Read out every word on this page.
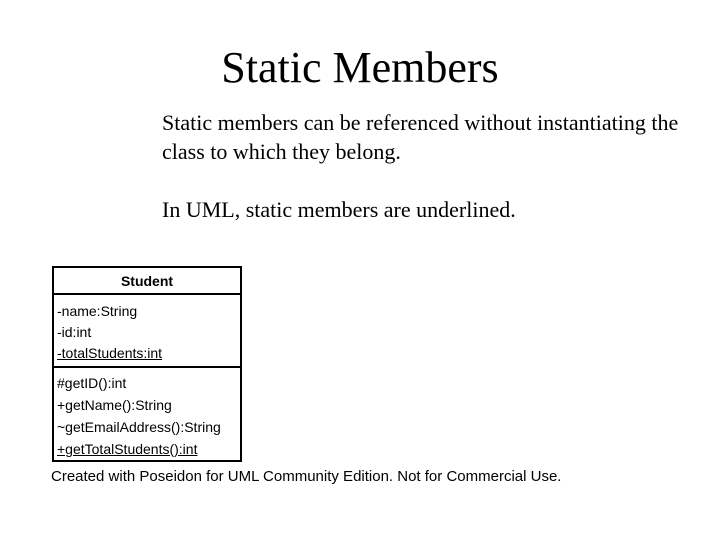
Static Members

Static members can be referenced without instantiating the class to which they belong.

In UML, static members are underlined.

Student
-name:String
-id:int
-totalStudents:int
#getID():int
+getName():String
~getEmailAddress():String
+getTotalStudents():int
Created with Poseidon for UML Community Edition. Not for Commercial Use.
